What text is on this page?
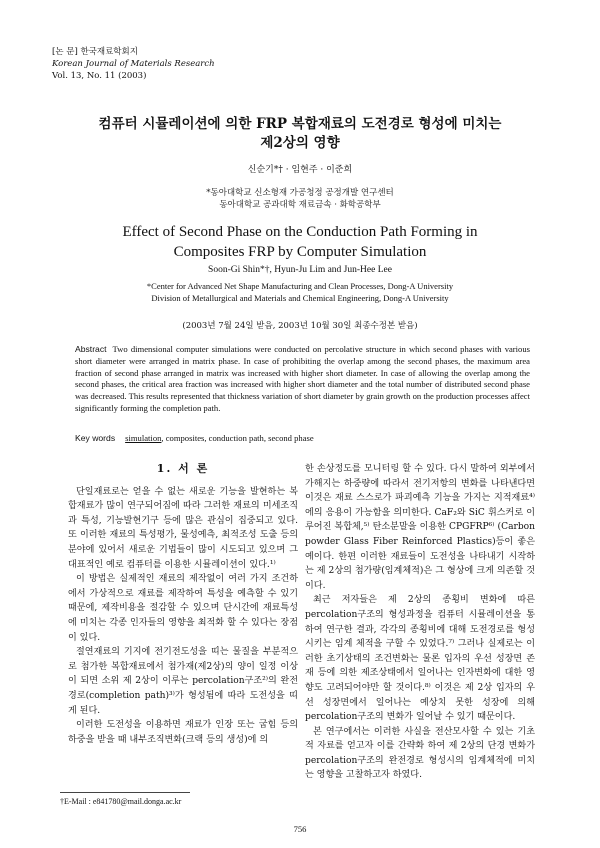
[논 문] 한국재료학회지
Korean Journal of Materials Research
Vol. 13, No. 11 (2003)
컴퓨터 시뮬레이션에 의한 FRP 복합재료의 도전경로 형성에 미치는
제2상의 영향
신순기*† · 임현주 · 이준희
*동아대학교 신소형재 가공청정 공정개발 연구센터
동아대학교 공과대학 재료금속 · 화학공학부
Effect of Second Phase on the Conduction Path Forming in
Composites FRP by Computer Simulation
Soon-Gi Shin*†, Hyun-Ju Lim and Jun-Hee Lee
*Center for Advanced Net Shape Manufacturing and Clean Processes, Dong-A University
Division of Metallurgical and Materials and Chemical Engineering, Dong-A University
(2003년 7월 24일 받음, 2003년 10월 30일 최종수정본 받음)
Abstract Two dimensional computer simulations were conducted on percolative structure in which second phases with various short diameter were arranged in matrix phase. In case of prohibiting the overlap among the second phases, the maximum area fraction of second phase arranged in matrix was increased with higher short diameter. In case of allowing the overlap among the second phases, the critical area fraction was increased with higher short diameter and the total number of distributed second phase was decreased. This results represented that thickness variation of short diameter by grain growth on the production processes affect significantly forming the completion path.
Key words simulation, composites, conduction path, second phase
1. 서 론

단일재료로는 얻을 수 없는 새로운 기능을 발현하는 복합재료가 많이 연구되어짐에 따라 그러한 재료의 미세조직과 특성, 기능발현기구 등에 많은 관심이 집중되고 있다. 또 이러한 재료의 특성평가, 물성예측, 최적조성 도출 등의 분야에 있어서 새로운 기법들이 많이 시도되고 있으며 그 대표적인 예로 컴퓨터를 이용한 시뮬레이션이 있다.¹⁾

이 방법은 실제적인 재료의 제작없이 여러 가지 조건하에서 가상적으로 재료를 제작하여 특성을 예측할 수 있기 때문에, 제작비용을 절감할 수 있으며 단시간에 재료특성에 미치는 각종 인자들의 영향을 최적화 할 수 있다는 장점이 있다.

절연재료의 기지에 전기전도성을 띠는 물질을 부분적으로 첨가한 복합재료에서 첨가재(제2상)의 양이 일정 이상이 되면 소위 제 2상이 이루는 percolation구조²⁾의 완전경로(completion path)³⁾가 형성됨에 따라 도전성을 띠게 된다.

이러한 도전성을 이용하면 재료가 인장 또는 굽힘 등의 하중을 받을 때 내부조직변화(크랙 등의 생성)에 의

한 손상정도를 모니터링 할 수 있다. 다시 말하여 외부에서 가해지는 하중량에 따라서 전기저항의 변화를 나타낸다면 이것은 재료 스스로가 파괴예측 기능을 가지는 지적재료⁴⁾에의 응용이 가능함을 의미한다. CaF₂와 SiC 휘스커로 이루어진 복합체,⁵⁾ 탄소분말을 이용한 CPGFRP⁶⁾ (Carbon powder Glass Fiber Reinforced Plastics)등이 좋은 예이다. 한편 이러한 재료들이 도전성을 나타내기 시작하는 제 2상의 첨가량(임계체적)은 그 형상에 크게 의존할 것이다.

최근 저자들은 제 2상의 종횡비 변화에 따른 percolation구조의 형성과정을 컴퓨터 시뮬레이션을 통하여 연구한 결과, 각각의 종횡비에 대해 도전경로를 형성시키는 임계 체적을 구할 수 있었다.⁷⁾ 그러나 실제로는 이러한 초기상태의 조건변화는 물론 입자의 우선 성장면 존재 등에 의한 제조상태에서 일어나는 인자변화에 대한 영향도 고려되어야만 할 것이다.⁸⁾ 이것은 제 2상 입자의 우선 성장면에서 일어나는 예상치 못한 성장에 의해 percolation구조의 변화가 일어날 수 있기 때문이다.

본 연구에서는 이러한 사실을 전산모사할 수 있는 기초적 자료를 얻고자 이를 간략화 하여 제 2상의 단경 변화가 percolation구조의 완전경로 형성시의 임계체적에 미치는 영향을 고찰하고자 하였다.

†E-Mail : e841780@mail.donga.ac.kr
756
